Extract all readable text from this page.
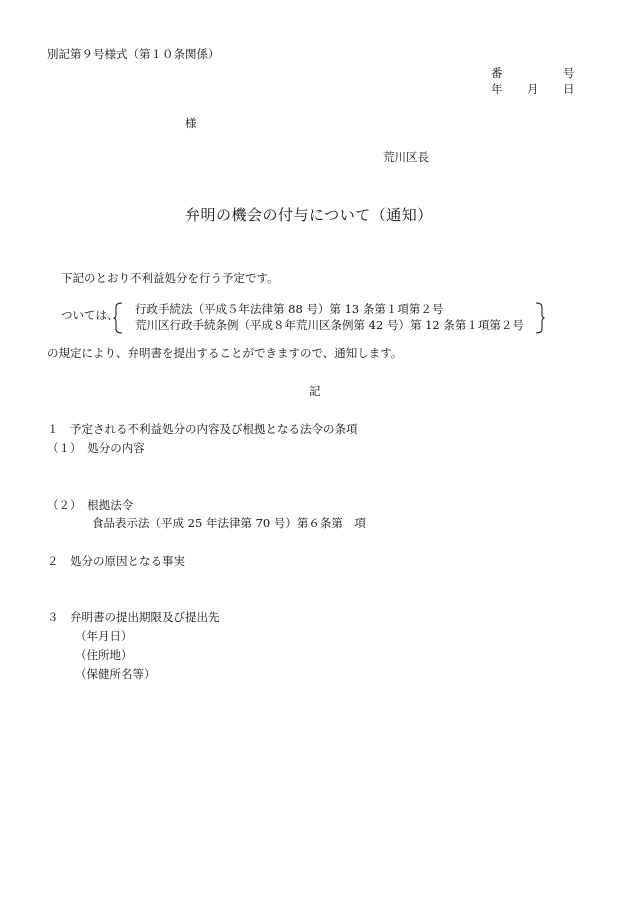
別記第９号様式（第１０条関係）
番	号
年 月 日
様
荒川区長
弁明の機会の付与について（通知）
下記のとおり不利益処分を行う予定です。
ついては、 行政手続法（平成５年法律第 88 号）第 13 条第１項第２号
荒川区行政手続条例（平成８年荒川区条例第 42 号）第 12 条第１項第２号
の規定により、弁明書を提出することができますので、通知します。
記
１　予定される不利益処分の内容及び根拠となる法令の条項
（１）　処分の内容
（２）　根拠法令
食品表示法（平成 25 年法律第 70 号）第６条第　項
２　処分の原因となる事実
３　弁明書の提出期限及び提出先
（年月日）
（住所地）
（保健所名等）
